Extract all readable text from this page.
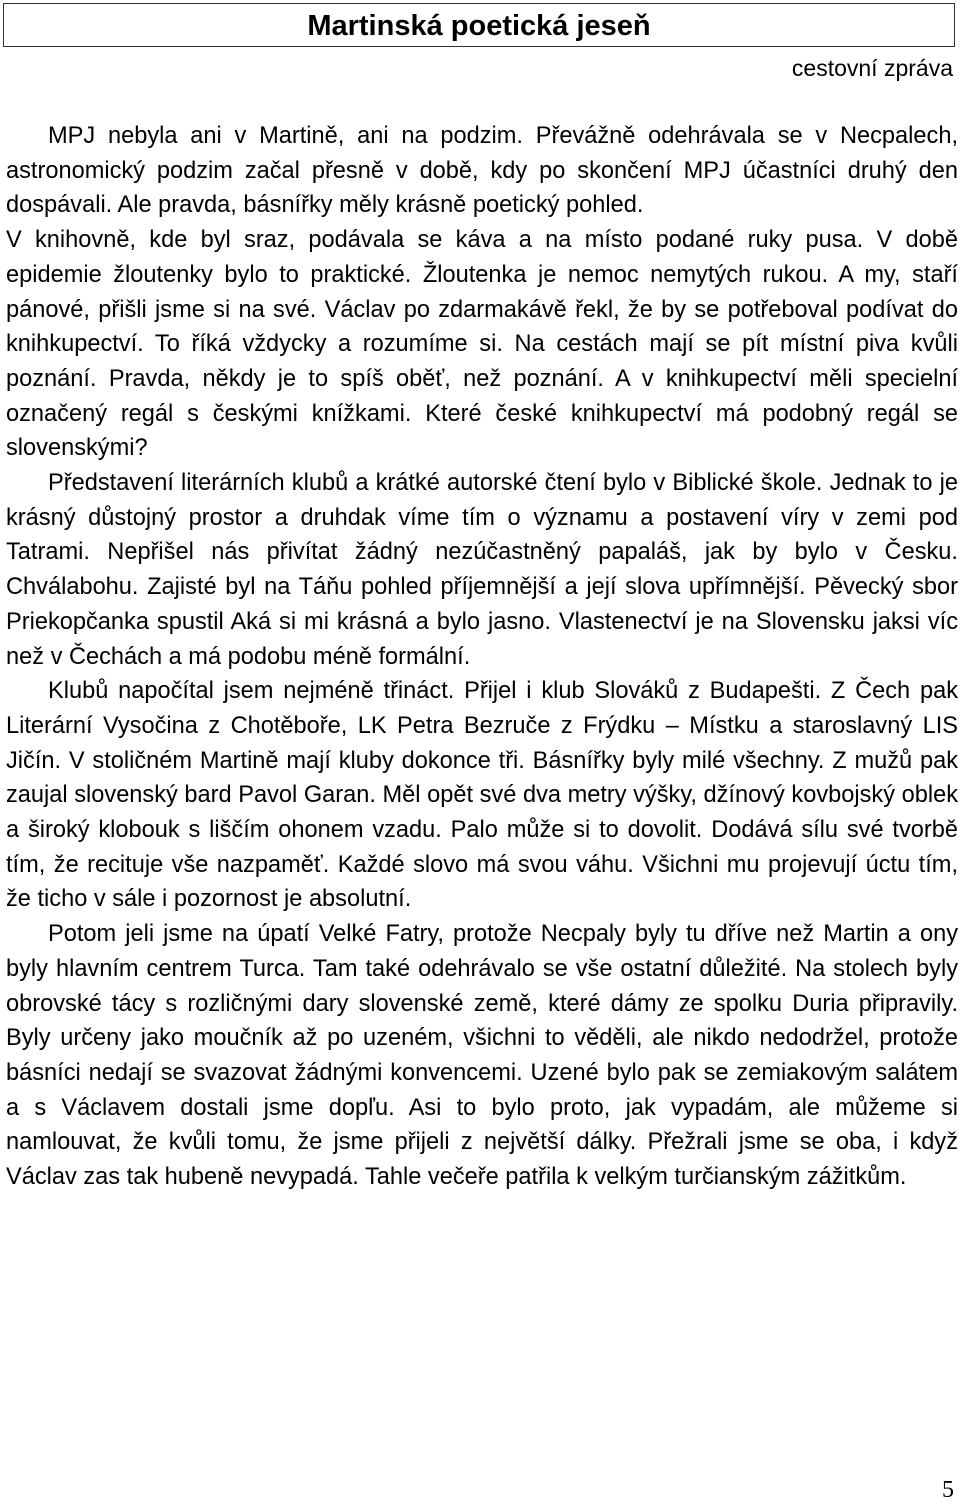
Martinská poetická jeseň
cestovní zpráva

MPJ nebyla ani v Martině, ani na podzim. Převážně odehrávala se v Necpalech, astronomický podzim začal přesně v době, kdy po skončení MPJ účastníci druhý den dospávali. Ale pravda, básnířky měly krásně poetický pohled.

V knihovně, kde byl sraz, podávala se káva a na místo podané ruky pusa. V době epidemie žloutenky bylo to praktické. Žloutenka je nemoc nemytých rukou. A my, staří pánové, přišli jsme si na své. Václav po zdarmakávě řekl, že by se potřeboval podívat do knihkupectví. To říká vždycky a rozumíme si. Na cestách mají se pít místní piva kvůli poznání. Pravda, někdy je to spíš oběť, než poznání. A v knihkupectví měli specielní označený regál s českými knížkami. Které české knihkupectví má podobný regál se slovenskými?

Představení literárních klubů a krátké autorské čtení bylo v Biblické škole. Jednak to je krásný důstojný prostor a druhdak víme tím o významu a postavení víry v zemi pod Tatrami. Nepřišel nás přivítat žádný nezúčastněný papaláš, jak by bylo v Česku. Chválabohu. Zajisté byl na Táňu pohled příjemnější a její slova upřímnější. Pěvecký sbor Priekopčanka spustil Aká si mi krásná a bylo jasno. Vlastenectví je na Slovensku jaksi víc než v Čechách a má podobu méně formální.

Klubů napočítal jsem nejméně třináct. Přijel i klub Slováků z Budapešti. Z Čech pak Literární Vysočina z Chotěboře, LK Petra Bezruče z Frýdku – Místku a staroslavný LIS Jičín. V stoličném Martině mají kluby dokonce tři. Básnířky byly milé všechny. Z mužů pak zaujal slovenský bard Pavol Garan. Měl opět své dva metry výšky, džínový kovbojský oblek a široký klobouk s liščím ohonem vzadu. Palo může si to dovolit. Dodává sílu své tvorbě tím, že recituje vše nazpaměť. Každé slovo má svou váhu. Všichni mu projevují úctu tím, že ticho v sále i pozornost je absolutní.

Potom jeli jsme na úpatí Velké Fatry, protože Necpaly byly tu dříve než Martin a ony byly hlavním centrem Turca. Tam také odehrávalo se vše ostatní důležité. Na stolech byly obrovské tácy s rozličnými dary slovenské země, které dámy ze spolku Duria připravily. Byly určeny jako moučník až po uzeném, všichni to věděli, ale nikdo nedodržel, protože básníci nedají se svazovat žádnými konvencemi. Uzené bylo pak se zemiakovým salátem a s Václavem dostali jsme dopľu. Asi to bylo proto, jak vypadám, ale můžeme si namlouvat, že kvůli tomu, že jsme přijeli z největší dálky. Přežrali jsme se oba, i když Václav zas tak hubeně nevypadá. Tahle večeře patřila k velkým turčianským zážitkům.

5
